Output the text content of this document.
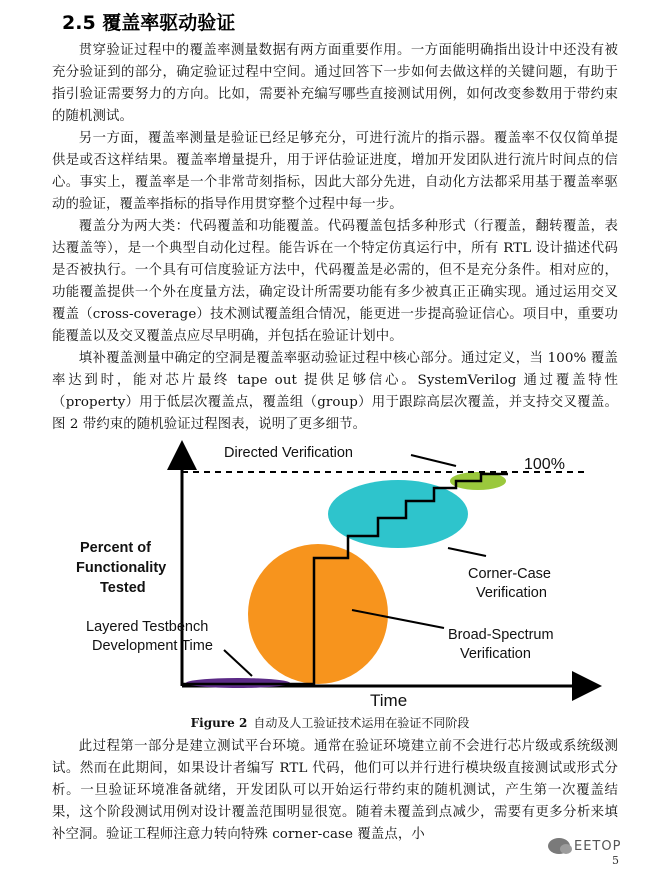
2.5 覆盖率驱动验证

贯穿验证过程中的覆盖率测量数据有两方面重要作用。一方面能明确指出设计中还没有被充分验证到的部分，确定验证过程中空间。通过回答下一步如何去做这样的关键问题，有助于指引验证需要努力的方向。比如，需要补充编写哪些直接测试用例，如何改变参数用于带约束的随机测试。

另一方面，覆盖率测量是验证已经足够充分，可进行流片的指示器。覆盖率不仅仅简单提供是或否这样结果。覆盖率增量提升，用于评估验证进度，增加开发团队进行流片时间点的信心。事实上，覆盖率是一个非常苛刻指标，因此大部分先进，自动化方法都采用基于覆盖率驱动的验证，覆盖率指标的指导作用贯穿整个过程中每一步。

覆盖分为两大类：代码覆盖和功能覆盖。代码覆盖包括多种形式（行覆盖，翻转覆盖，表达覆盖等），是一个典型自动化过程。能告诉在一个特定仿真运行中，所有 RTL 设计描述代码是否被执行。一个具有可信度验证方法中，代码覆盖是必需的，但不是充分条件。相对应的，功能覆盖提供一个外在度量方法，确定设计所需要功能有多少被真正正确实现。通过运用交叉覆盖（cross-coverage）技术测试覆盖组合情况，能更进一步提高验证信心。项目中，重要功能覆盖以及交叉覆盖点应尽早明确，并包括在验证计划中。

填补覆盖测量中确定的空洞是覆盖率驱动验证过程中核心部分。通过定义，当 100% 覆盖率达到时，能对芯片最终 tape out 提供足够信心。SystemVerilog 通过覆盖特性（property）用于低层次覆盖点，覆盖组（group）用于跟踪高层次覆盖，并支持交叉覆盖。图 2 带约束的随机验证过程图表，说明了更多细节。

Directed Verification
100%
Percent of
Functionality
Tested
Corner-Case
Verification
Layered Testbench
Development Time
Broad-Spectrum
Verification
Time
Figure 2 自动及人工验证技术运用在验证不同阶段

此过程第一部分是建立测试平台环境。通常在验证环境建立前不会进行芯片级或系统级测试。然而在此期间，如果设计者编写 RTL 代码，他们可以并行进行模块级直接测试或形式分析。一旦验证环境准备就绪，开发团队可以开始运行带约束的随机测试，产生第一次覆盖结果，这个阶段测试用例对设计覆盖范围明显很宽。随着未覆盖到点减少，需要有更多分析来填补空洞。验证工程师注意力转向特殊 corner-case 覆盖点，小

EETOP
5
